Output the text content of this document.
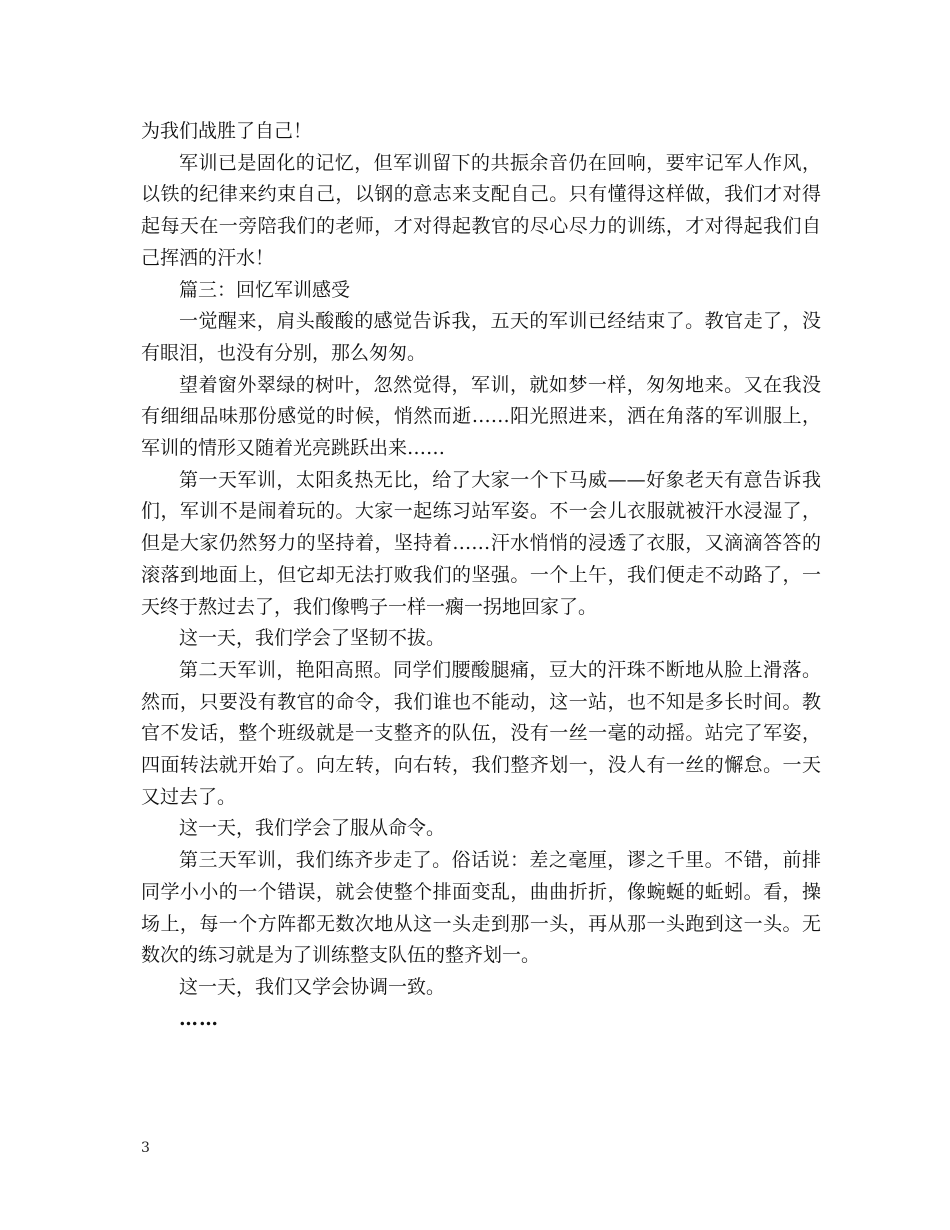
为我们战胜了自己！

军训已是固化的记忆，但军训留下的共振余音仍在回响，要牢记军人作风，以铁的纪律来约束自己，以钢的意志来支配自己。只有懂得这样做，我们才对得起每天在一旁陪我们的老师，才对得起教官的尽心尽力的训练，才对得起我们自己挥洒的汗水！

篇三：回忆军训感受

一觉醒来，肩头酸酸的感觉告诉我，五天的军训已经结束了。教官走了，没有眼泪，也没有分别，那么匆匆。

望着窗外翠绿的树叶，忽然觉得，军训，就如梦一样，匆匆地来。又在我没有细细品味那份感觉的时候，悄然而逝……阳光照进来，洒在角落的军训服上，军训的情形又随着光亮跳跃出来……

第一天军训，太阳炙热无比，给了大家一个下马威——好象老天有意告诉我们，军训不是闹着玩的。大家一起练习站军姿。不一会儿衣服就被汗水浸湿了，但是大家仍然努力的坚持着，坚持着……汗水悄悄的浸透了衣服，又滴滴答答的滚落到地面上，但它却无法打败我们的坚强。一个上午，我们便走不动路了，一天终于熬过去了，我们像鸭子一样一瘸一拐地回家了。

这一天，我们学会了坚韧不拔。

第二天军训，艳阳高照。同学们腰酸腿痛，豆大的汗珠不断地从脸上滑落。然而，只要没有教官的命令，我们谁也不能动，这一站，也不知是多长时间。教官不发话，整个班级就是一支整齐的队伍，没有一丝一毫的动摇。站完了军姿，四面转法就开始了。向左转，向右转，我们整齐划一，没人有一丝的懈怠。一天又过去了。

这一天，我们学会了服从命令。

第三天军训，我们练齐步走了。俗话说：差之毫厘，谬之千里。不错，前排同学小小的一个错误，就会使整个排面变乱，曲曲折折，像蜿蜒的蚯蚓。看，操场上，每一个方阵都无数次地从这一头走到那一头，再从那一头跑到这一头。无数次的练习就是为了训练整支队伍的整齐划一。

这一天，我们又学会协调一致。

……

3
